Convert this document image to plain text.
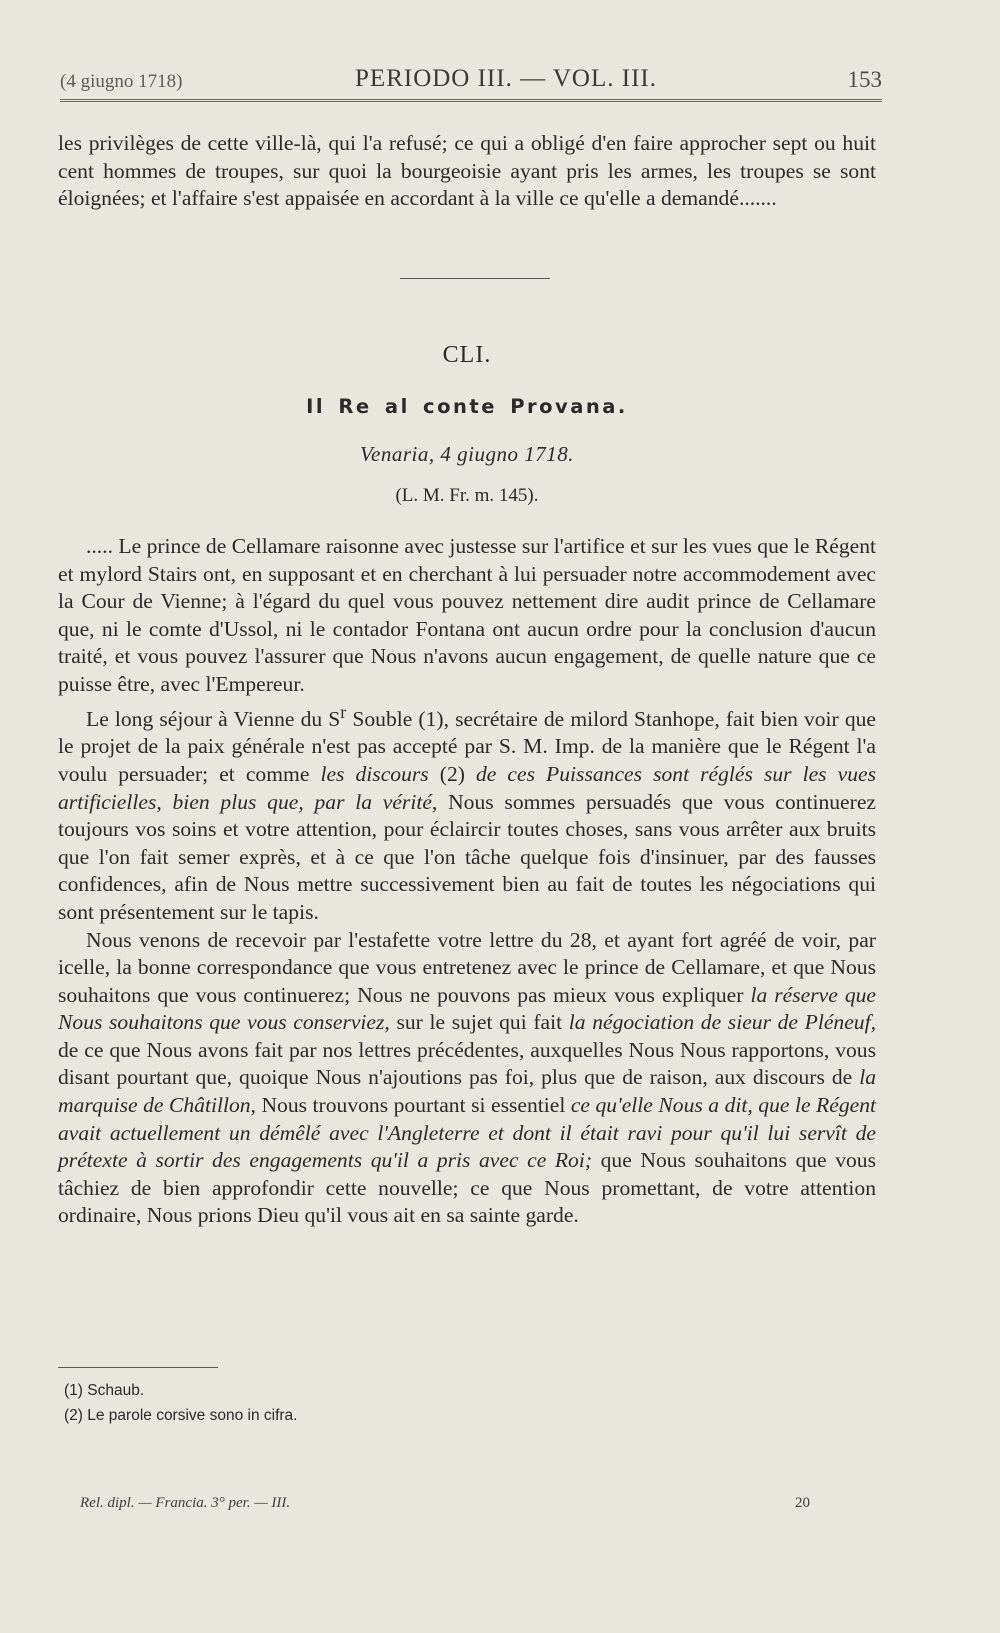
(4 giugno 1718)	PERIODO III. — VOL. III.	153

les privilèges de cette ville-là, qui l'a refusé; ce qui a obligé d'en faire approcher sept ou huit cent hommes de troupes, sur quoi la bourgeoisie ayant pris les armes, les troupes se sont éloignées; et l'affaire s'est appaisée en accordant à la ville ce qu'elle a demandé.......

CLI.
Il Re al conte Provana.
Venaria, 4 giugno 1718.
(L. M. Fr. m. 145).

..... Le prince de Cellamare raisonne avec justesse sur l'artifice et sur les vues que le Régent et mylord Stairs ont, en supposant et en cherchant à lui persuader notre accommodement avec la Cour de Vienne; à l'égard du quel vous pouvez nettement dire audit prince de Cellamare que, ni le comte d'Ussol, ni le contador Fontana ont aucun ordre pour la conclusion d'aucun traité, et vous pouvez l'assurer que Nous n'avons aucun engagement, de quelle nature que ce puisse être, avec l'Empereur.

Le long séjour à Vienne du $S^r$ Souble (1), secrétaire de milord Stanhope, fait bien voir que le projet de la paix générale n'est pas accepté par S. M. Imp. de la manière que le Régent l'a voulu persuader; et comme les discours (2) de ces Puissances sont réglés sur les vues artificielles, bien plus que, par la vérité, Nous sommes persuadés que vous continuerez toujours vos soins et votre attention, pour éclaircir toutes choses, sans vous arrêter aux bruits que l'on fait semer exprès, et à ce que l'on tâche quelque fois d'insinuer, par des fausses confidences, afin de Nous mettre successivement bien au fait de toutes les négociations qui sont présentement sur le tapis.

Nous venons de recevoir par l'estafette votre lettre du 28, et ayant fort agréé de voir, par icelle, la bonne correspondance que vous entretenez avec le prince de Cellamare, et que Nous souhaitons que vous continuerez; Nous ne pouvons pas mieux vous expliquer la réserve que Nous souhaitons que vous conserviez, sur le sujet qui fait la négociation de sieur de Pléneuf, de ce que Nous avons fait par nos lettres précédentes, auxquelles Nous Nous rapportons, vous disant pourtant que, quoique Nous n'ajoutions pas foi, plus que de raison, aux discours de la marquise de Châtillon, Nous trouvons pourtant si essentiel ce qu'elle Nous a dit, que le Régent avait actuellement un démêlé avec l'Angleterre et dont il était ravi pour qu'il lui servît de prétexte à sortir des engagements qu'il a pris avec ce Roi; que Nous souhaitons que vous tâchiez de bien approfondir cette nouvelle; ce que Nous promettant, de votre attention ordinaire, Nous prions Dieu qu'il vous ait en sa sainte garde.

(1) Schaub.
(2) Le parole corsive sono in cifra.
Rel. dipl. — Francia. 3° per. — III.	20
